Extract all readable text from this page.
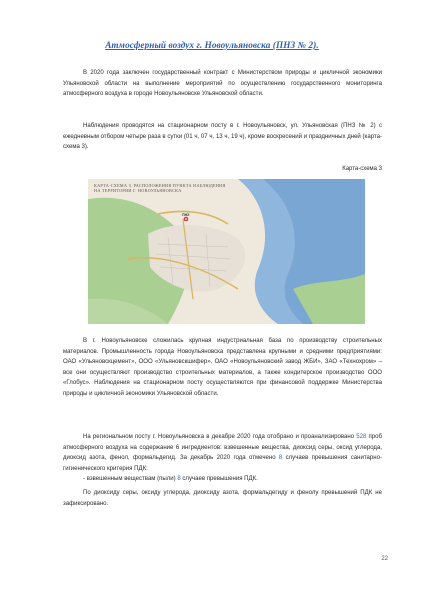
Атмосферный воздух г. Новоульяновска (ПНЗ № 2).

В 2020 года заключен государственный контракт с Министерством природы и цикличной экономики Ульяновской области на выполнение мероприятий по осуществлению государственного мониторинга атмосферного воздуха в городе Новоульяновске Ульяновской области.

Наблюдения проводятся на стационарном посту в г. Новоульяновск, ул. Ульяновская (ПНЗ № 2) с ежедневным отбором четыре раза в сутки (01 ч, 07 ч, 13 ч, 19 ч), кроме воскресений и праздничных дней (карта-схема 3).

Карта-схема 3
КАРТА-СХЕМА 3. РАСПОЛОЖЕНИЯ ПУНКТА НАБЛЮДЕНИЯ
НА ТЕРРИТОРИИ Г. НОВОУЛЬЯНОВСКА
ПНЗ

В г. Новоульяновске сложилась крупная индустриальная база по производству строительных материалов. Промышленность города Новоульяновска представлена крупными и средними предприятиями: ОАО «Ульяновскцемент», ООО «Ульяновскшифер», ОАО «Новоульяновский завод ЖБИ», ЗАО «Технохром» – все они осуществляют производство строительных материалов, а также кондитерское производство ООО «Глобус». Наблюдения на стационарном посту осуществляются при финансовой поддержке Министерства природы и цикличной экономики Ульяновской области.

На региональном посту г. Новоульяновска в декабре 2020 года отобрано и проанализировано 528 проб атмосферного воздуха на содержание 6 ингредиентов: взвешенные вещества, диоксид серы, оксид углерода, диоксид азота, фенол, формальдегид. За декабрь 2020 года отмечено 8 случаев превышения санитарно-гигиенического критерия ПДК:

- взвешенным веществам (пыли) 8 случаев превышения ПДК.

По диоксиду серы, оксиду углерода, диоксиду азота, формальдегиду и фенолу превышений ПДК не зафиксировано.

22
